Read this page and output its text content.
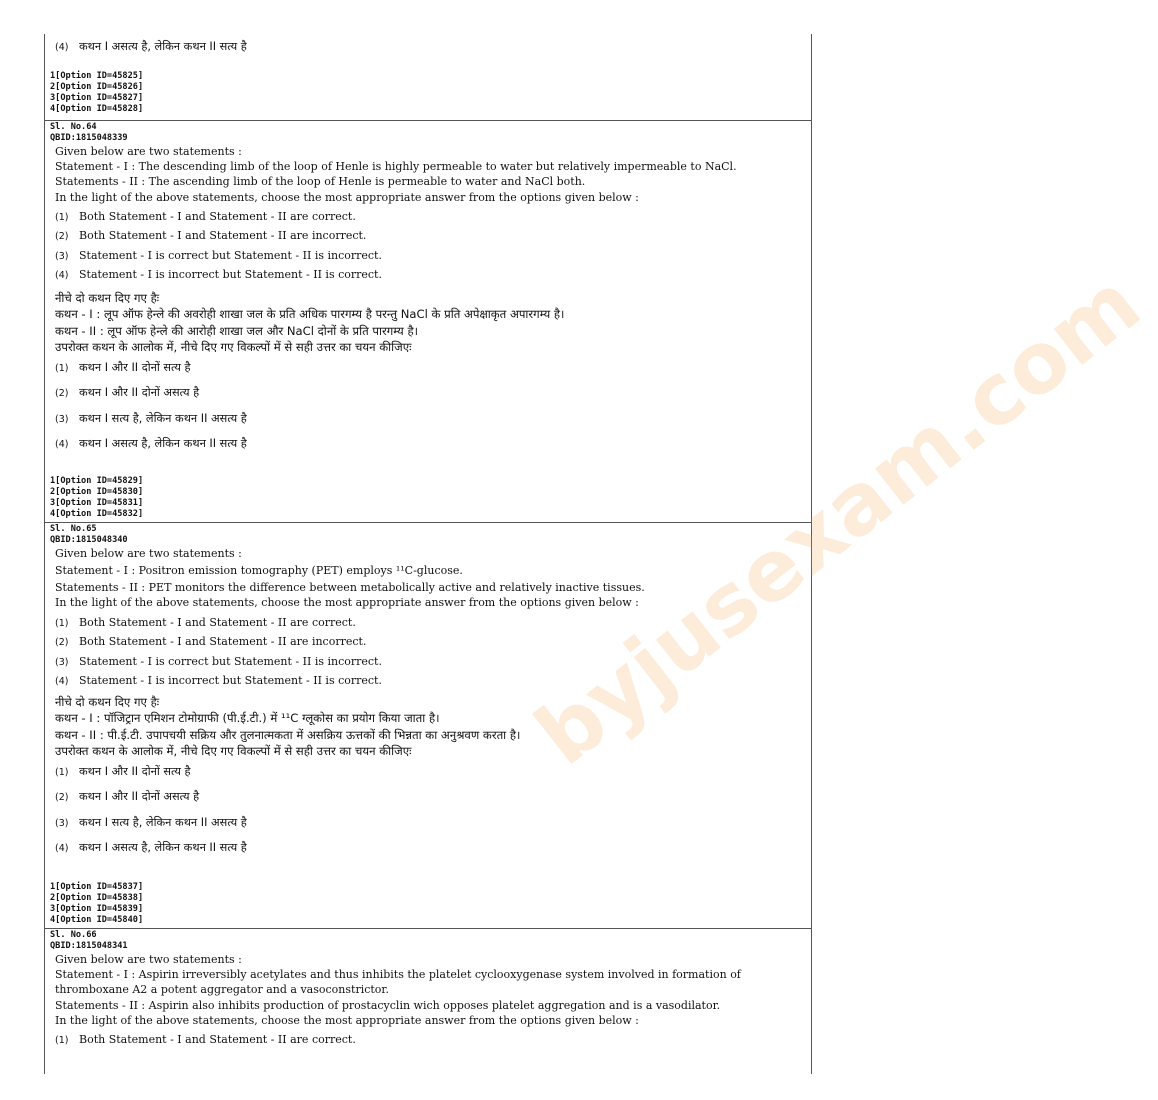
(4) कथन I असत्य है, लेकिन कथन II सत्य है
1[Option ID=45825]
2[Option ID=45826]
3[Option ID=45827]
4[Option ID=45828]
Sl. No.64
QBID:1815048339
Given below are two statements :
Statement - I : The descending limb of the loop of Henle is highly permeable to water but relatively impermeable to NaCl.
Statements - II : The ascending limb of the loop of Henle is permeable to water and NaCl both.
In the light of the above statements, choose the most appropriate answer from the options given below :
(1) Both Statement - I and Statement - II are correct.
(2) Both Statement - I and Statement - II are incorrect.
(3) Statement - I is correct but Statement - II is incorrect.
(4) Statement - I is incorrect but Statement - II is correct.
नीचे दो कथन दिए गए हैः
कथन - I : लूप ऑफ हेन्ले की अवरोही शाखा जल के प्रति अधिक पारगम्य है परन्तु NaCl के प्रति अपेक्षाकृत अपारगम्य है।
कथन - II : लूप ऑफ हेन्ले की आरोही शाखा जल और NaCl दोनों के प्रति पारगम्य है।
उपरोक्त कथन के आलोक में, नीचे दिए गए विकल्पों में से सही उत्तर का चयन कीजिएः
(1) कथन I और II दोनों सत्य है
(2) कथन I और II दोनों असत्य है
(3) कथन I सत्य है, लेकिन कथन II असत्य है
(4) कथन I असत्य है, लेकिन कथन II सत्य है
1[Option ID=45829]
2[Option ID=45830]
3[Option ID=45831]
4[Option ID=45832]
Sl. No.65
QBID:1815048340
Given below are two statements :
Statement - I : Positron emission tomography (PET) employs ¹¹C-glucose.
Statements - II : PET monitors the difference between metabolically active and relatively inactive tissues.
In the light of the above statements, choose the most appropriate answer from the options given below :
(1) Both Statement - I and Statement - II are correct.
(2) Both Statement - I and Statement - II are incorrect.
(3) Statement - I is correct but Statement - II is incorrect.
(4) Statement - I is incorrect but Statement - II is correct.
नीचे दो कथन दिए गए हैः
कथन - I : पॉजिट्रान एमिशन टोमोग्राफी (पी.ई.टी.) में ¹¹C ग्लूकोस का प्रयोग किया जाता है।
कथन - II : पी.ई.टी. उपापचयी सक्रिय और तुलनात्मकता में असक्रिय ऊत्तकों की भिन्नता का अनुश्रवण करता है।
उपरोक्त कथन के आलोक में, नीचे दिए गए विकल्पों में से सही उत्तर का चयन कीजिएः
(1) कथन I और II दोनों सत्य है
(2) कथन I और II दोनों असत्य है
(3) कथन I सत्य है, लेकिन कथन II असत्य है
(4) कथन I असत्य है, लेकिन कथन II सत्य है
1[Option ID=45837]
2[Option ID=45838]
3[Option ID=45839]
4[Option ID=45840]
Sl. No.66
QBID:1815048341
Given below are two statements :
Statement - I : Aspirin irreversibly acetylates and thus inhibits the platelet cyclooxygenase system involved in formation of thromboxane A2 a potent aggregator and a vasoconstrictor.
Statements - II : Aspirin also inhibits production of prostacyclin wich opposes platelet aggregation and is a vasodilator.
In the light of the above statements, choose the most appropriate answer from the options given below :
(1) Both Statement - I and Statement - II are correct.
byjusexam.com
